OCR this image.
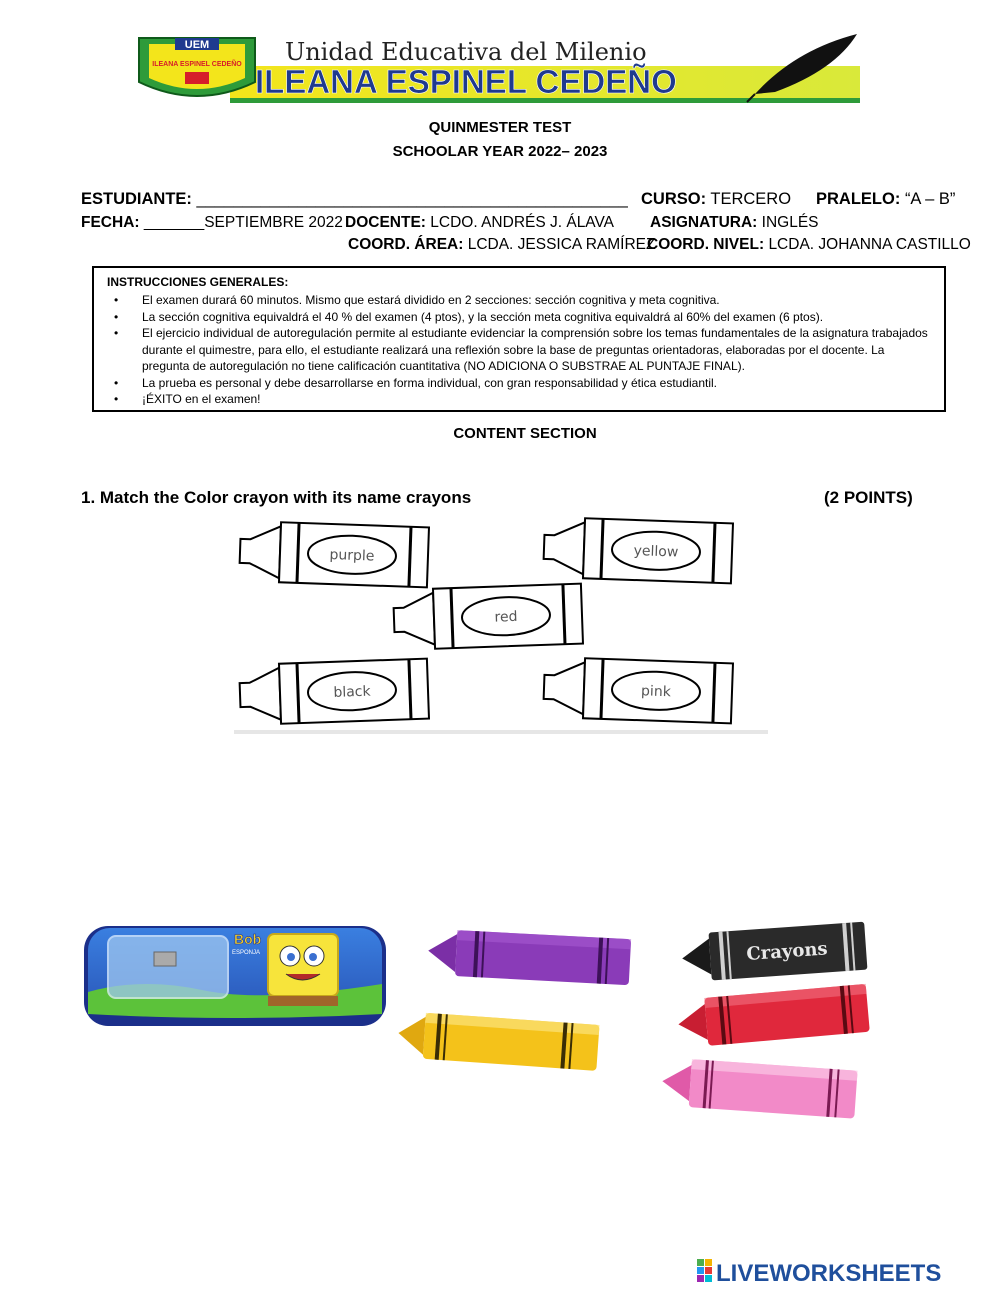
UEM
ILEANA ESPINEL CEDEÑO Unidad Educativa del Milenio
ILEANA ESPINEL CEDEÑO
QUINMESTER TEST
SCHOOLAR YEAR 2022– 2023
ESTUDIANTE: _______________________________________________ CURSO: TERCERO PRALELO: “A – B”
FECHA: _______SEPTIEMBRE 2022 DOCENTE: LCDO. ANDRÉS J. ÁLAVA ASIGNATURA: INGLÉS
COORD. ÁREA: LCDA. JESSICA RAMÍREZ
COORD. NIVEL: LCDA. JOHANNA CASTILLO
INSTRUCCIONES GENERALES:
• El examen durará 60 minutos. Mismo que estará dividido en 2 secciones: sección cognitiva y meta cognitiva.
• La sección cognitiva equivaldrá el 40 % del examen (4 ptos), y la sección meta cognitiva equivaldrá al 60% del examen (6 ptos).
• El ejercicio individual de autoregulación permite al estudiante evidenciar la comprensión sobre los temas fundamentales de la asignatura trabajados durante el quimestre, para ello, el estudiante realizará una reflexión sobre la base de preguntas orientadoras, elaboradas por el docente. La pregunta de autoregulación no tiene calificación cuantitativa (NO ADICIONA O SUBSTRAE AL PUNTAJE FINAL).
• La prueba es personal y debe desarrollarse en forma individual, con gran responsabilidad y ética estudiantil.
• ¡ÉXITO en el examen!
CONTENT SECTION
1. Match the Color crayon with its name crayons	(2 POINTS)
purple	yellow
red
black	pink
Bob
ESPONJA	Crayons
LIVEWORKSHEETS
